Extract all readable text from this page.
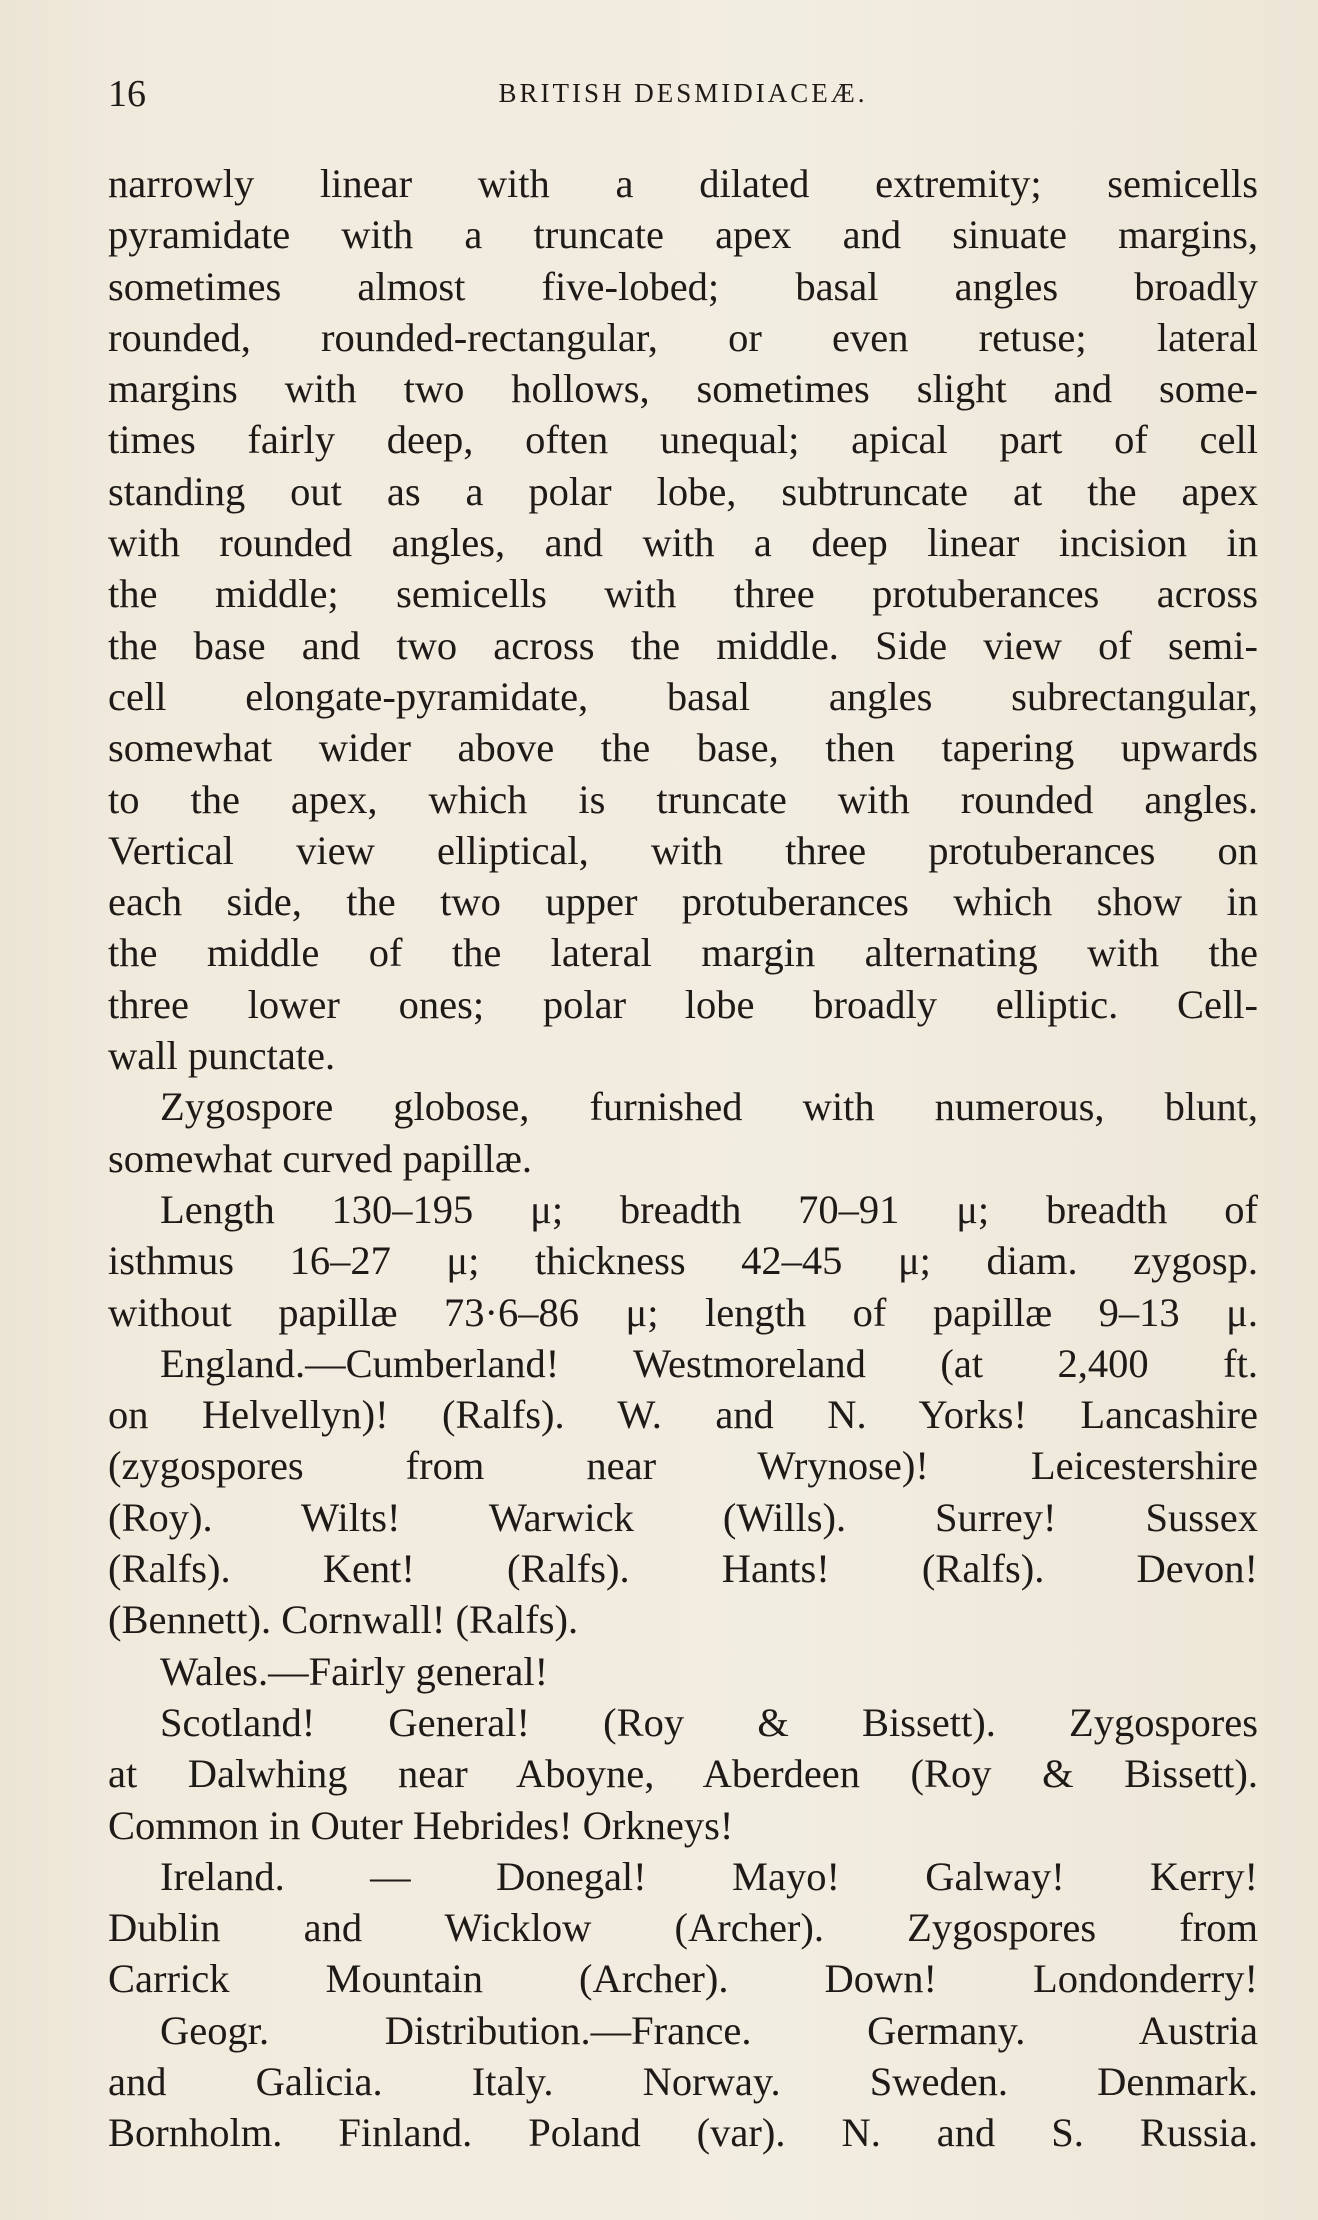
16	BRITISH DESMIDIACEÆ.
narrowly linear with a dilated extremity; semicells
pyramidate with a truncate apex and sinuate margins,
sometimes almost five-lobed; basal angles broadly
rounded, rounded-rectangular, or even retuse; lateral
margins with two hollows, sometimes slight and some-
times fairly deep, often unequal; apical part of cell
standing out as a polar lobe, subtruncate at the apex
with rounded angles, and with a deep linear incision in
the middle; semicells with three protuberances across
the base and two across the middle. Side view of semi-
cell elongate-pyramidate, basal angles subrectangular,
somewhat wider above the base, then tapering upwards
to the apex, which is truncate with rounded angles.
Vertical view elliptical, with three protuberances on
each side, the two upper protuberances which show in
the middle of the lateral margin alternating with the
three lower ones; polar lobe broadly elliptic. Cell-
wall punctate.
Zygospore globose, furnished with numerous, blunt,
somewhat curved papillæ.
Length 130–195 μ; breadth 70–91 μ; breadth of
isthmus 16–27 μ; thickness 42–45 μ; diam. zygosp.
without papillæ 73·6–86 μ; length of papillæ 9–13 μ.
England.—Cumberland! Westmoreland (at 2,400 ft.
on Helvellyn)! (Ralfs). W. and N. Yorks! Lancashire
(zygospores from near Wrynose)! Leicestershire
(Roy). Wilts! Warwick (Wills). Surrey! Sussex
(Ralfs). Kent! (Ralfs). Hants! (Ralfs). Devon!
(Bennett). Cornwall! (Ralfs).
Wales.—Fairly general!
Scotland! General! (Roy & Bissett). Zygospores
at Dalwhing near Aboyne, Aberdeen (Roy & Bissett).
Common in Outer Hebrides! Orkneys!
Ireland. — Donegal! Mayo! Galway! Kerry!
Dublin and Wicklow (Archer). Zygospores from
Carrick Mountain (Archer). Down! Londonderry!
Geogr. Distribution.—France. Germany. Austria
and Galicia. Italy. Norway. Sweden. Denmark.
Bornholm. Finland. Poland (var). N. and S. Russia.
